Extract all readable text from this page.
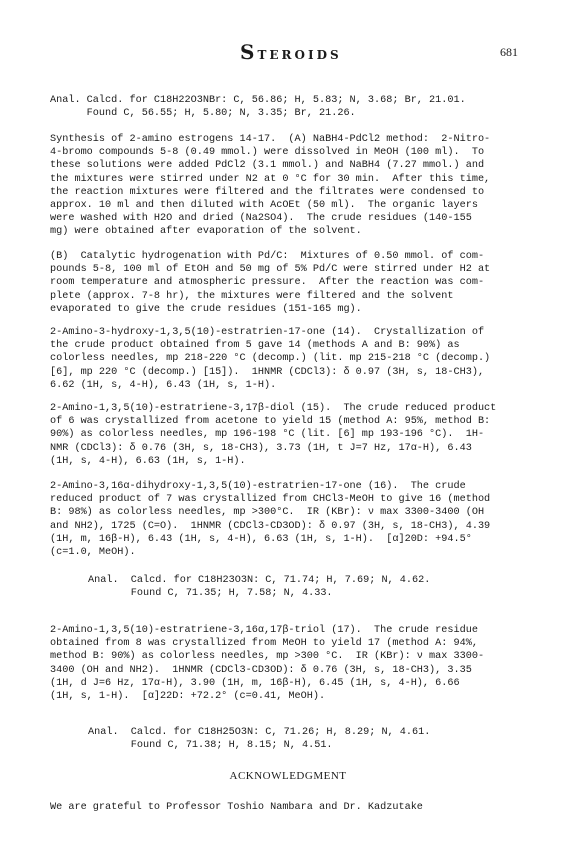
STEROIDS	681
Anal. Calcd. for C18H22O3NBr: C, 56.86; H, 5.83; N, 3.68; Br, 21.01.
Found C, 56.55; H, 5.80; N, 3.35; Br, 21.26.
Synthesis of 2-amino estrogens 14-17.  (A) NaBH4-PdCl2 method:  2-Nitro-
4-bromo compounds 5-8 (0.49 mmol.) were dissolved in MeOH (100 ml).  To
these solutions were added PdCl2 (3.1 mmol.) and NaBH4 (7.27 mmol.) and
the mixtures were stirred under N2 at 0 °C for 30 min.  After this time,
the reaction mixtures were filtered and the filtrates were condensed to
approx. 10 ml and then diluted with AcOEt (50 ml).  The organic layers
were washed with H2O and dried (Na2SO4).  The crude residues (140-155
mg) were obtained after evaporation of the solvent.
(B)  Catalytic hydrogenation with Pd/C:  Mixtures of 0.50 mmol. of com-
pounds 5-8, 100 ml of EtOH and 50 mg of 5% Pd/C were stirred under H2 at
room temperature and atmospheric pressure.  After the reaction was com-
plete (approx. 7-8 hr), the mixtures were filtered and the solvent
evaporated to give the crude residues (151-165 mg).
2-Amino-3-hydroxy-1,3,5(10)-estratrien-17-one (14).  Crystallization of
the crude product obtained from 5 gave 14 (methods A and B: 90%) as
colorless needles, mp 218-220 °C (decomp.) (lit. mp 215-218 °C (decomp.)
[6], mp 220 °C (decomp.) [15]).  1HNMR (CDCl3): δ 0.97 (3H, s, 18-CH3),
6.62 (1H, s, 4-H), 6.43 (1H, s, 1-H).
2-Amino-1,3,5(10)-estratriene-3,17β-diol (15).  The crude reduced product
of 6 was crystallized from acetone to yield 15 (method A: 95%, method B:
90%) as colorless needles, mp 196-198 °C (lit. [6] mp 193-196 °C).  1H-
NMR (CDCl3): δ 0.76 (3H, s, 18-CH3), 3.73 (1H, t J=7 Hz, 17α-H), 6.43
(1H, s, 4-H), 6.63 (1H, s, 1-H).
2-Amino-3,16α-dihydroxy-1,3,5(10)-estratrien-17-one (16).  The crude
reduced product of 7 was crystallized from CHCl3-MeOH to give 16 (method
B: 98%) as colorless needles, mp >300°C.  IR (KBr): ν max 3300-3400 (OH
and NH2), 1725 (C=O).  1HNMR (CDCl3-CD3OD): δ 0.97 (3H, s, 18-CH3), 4.39
(1H, m, 16β-H), 6.43 (1H, s, 4-H), 6.63 (1H, s, 1-H).  [α]20D: +94.5°
(c=1.0, MeOH).
Anal.  Calcd. for C18H23O3N: C, 71.74; H, 7.69; N, 4.62.
Found C, 71.35; H, 7.58; N, 4.33.
2-Amino-1,3,5(10)-estratriene-3,16α,17β-triol (17).  The crude residue
obtained from 8 was crystallized from MeOH to yield 17 (method A: 94%,
method B: 90%) as colorless needles, mp >300 °C.  IR (KBr): ν max 3300-
3400 (OH and NH2).  1HNMR (CDCl3-CD3OD): δ 0.76 (3H, s, 18-CH3), 3.35
(1H, d J=6 Hz, 17α-H), 3.90 (1H, m, 16β-H), 6.45 (1H, s, 4-H), 6.66
(1H, s, 1-H).  [α]22D: +72.2° (c=0.41, MeOH).
Anal.  Calcd. for C18H25O3N: C, 71.26; H, 8.29; N, 4.61.
Found C, 71.38; H, 8.15; N, 4.51.
ACKNOWLEDGMENT
We are grateful to Professor Toshio Nambara and Dr. Kadzutake
